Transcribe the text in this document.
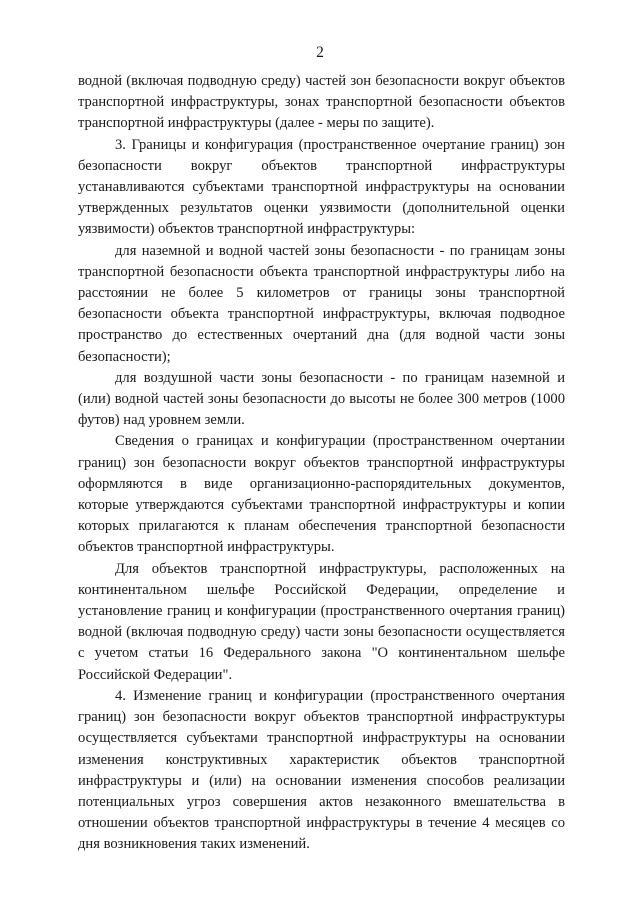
2

водной (включая подводную среду) частей зон безопасности вокруг объектов транспортной инфраструктуры, зонах транспортной безопасности объектов транспортной инфраструктуры (далее - меры по защите).

3. Границы и конфигурация (пространственное очертание границ) зон безопасности вокруг объектов транспортной инфраструктуры устанавливаются субъектами транспортной инфраструктуры на основании утвержденных результатов оценки уязвимости (дополнительной оценки уязвимости) объектов транспортной инфраструктуры:

для наземной и водной частей зоны безопасности - по границам зоны транспортной безопасности объекта транспортной инфраструктуры либо на расстоянии не более 5 километров от границы зоны транспортной безопасности объекта транспортной инфраструктуры, включая подводное пространство до естественных очертаний дна (для водной части зоны безопасности);

для воздушной части зоны безопасности - по границам наземной и (или) водной частей зоны безопасности до высоты не более 300 метров (1000 футов) над уровнем земли.

Сведения о границах и конфигурации (пространственном очертании границ) зон безопасности вокруг объектов транспортной инфраструктуры оформляются в виде организационно-распорядительных документов, которые утверждаются субъектами транспортной инфраструктуры и копии которых прилагаются к планам обеспечения транспортной безопасности объектов транспортной инфраструктуры.

Для объектов транспортной инфраструктуры, расположенных на континентальном шельфе Российской Федерации, определение и установление границ и конфигурации (пространственного очертания границ) водной (включая подводную среду) части зоны безопасности осуществляется с учетом статьи 16 Федерального закона "О континентальном шельфе Российской Федерации".

4. Изменение границ и конфигурации (пространственного очертания границ) зон безопасности вокруг объектов транспортной инфраструктуры осуществляется субъектами транспортной инфраструктуры на основании изменения конструктивных характеристик объектов транспортной инфраструктуры и (или) на основании изменения способов реализации потенциальных угроз совершения актов незаконного вмешательства в отношении объектов транспортной инфраструктуры в течение 4 месяцев со дня возникновения таких изменений.
